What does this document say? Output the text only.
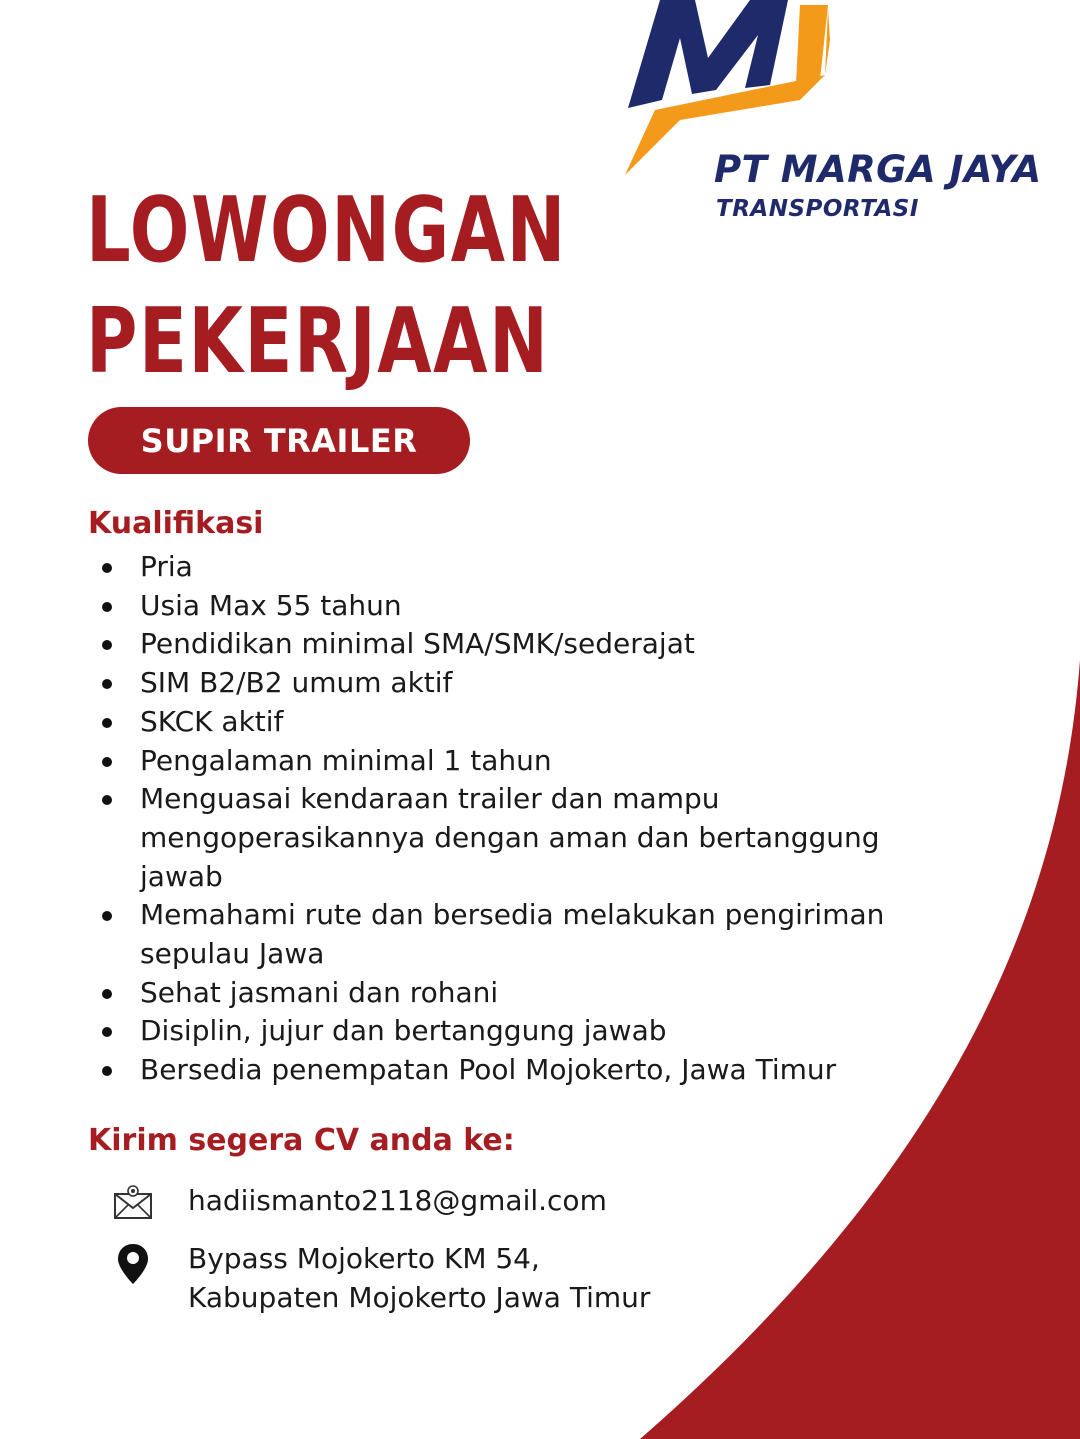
PT MARGA JAYA
TRANSPORTASI
LOWONGAN
PEKERJAAN
SUPIR TRAILER
Kualifikasi
Pria
Usia Max 55 tahun
Pendidikan minimal SMA/SMK/sederajat
SIM B2/B2 umum aktif
SKCK aktif
Pengalaman minimal 1 tahun
Menguasai kendaraan trailer dan mampu mengoperasikannya dengan aman dan bertanggung jawab
Memahami rute dan bersedia melakukan pengiriman sepulau Jawa
Sehat jasmani dan rohani
Disiplin, jujur dan bertanggung jawab
Bersedia penempatan Pool Mojokerto, Jawa Timur
Kirim segera CV anda ke:
hadiismanto2118@gmail.com
Bypass Mojokerto KM 54,
Kabupaten Mojokerto Jawa Timur
